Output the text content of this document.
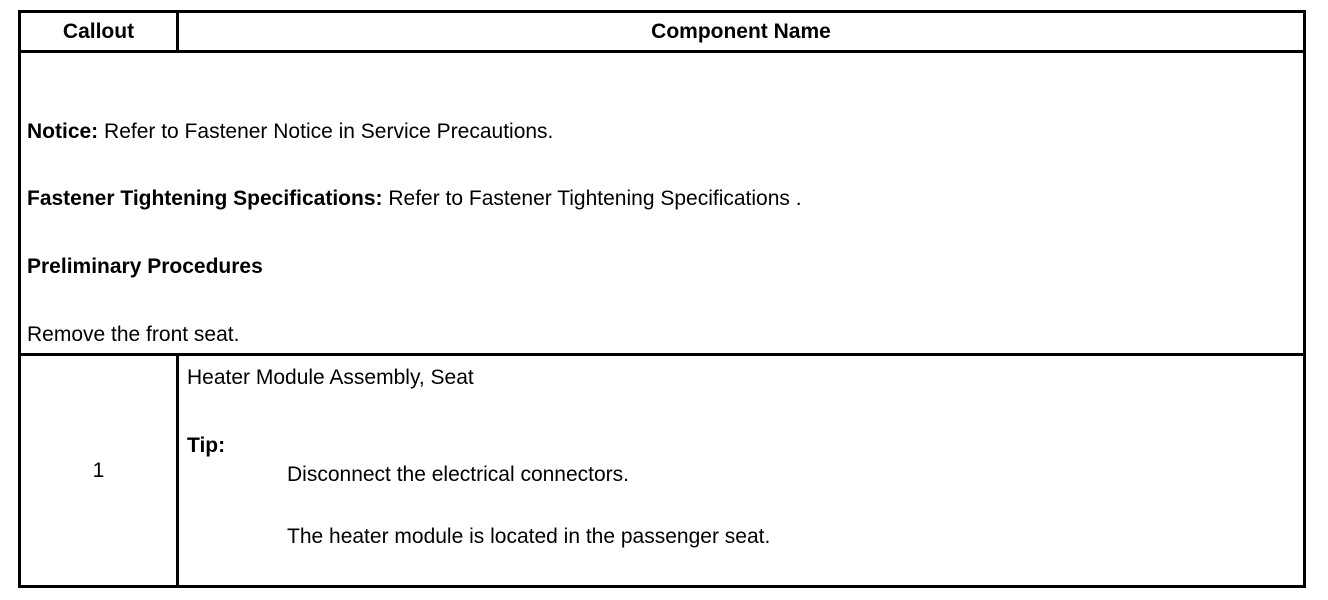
Callout	Component Name
Notice: Refer to Fastener Notice in Service Precautions.
Fastener Tightening Specifications: Refer to Fastener Tightening Specifications .
Preliminary Procedures
Remove the front seat.
1
Heater Module Assembly, Seat
Tip:
Disconnect the electrical connectors.
The heater module is located in the passenger seat.
